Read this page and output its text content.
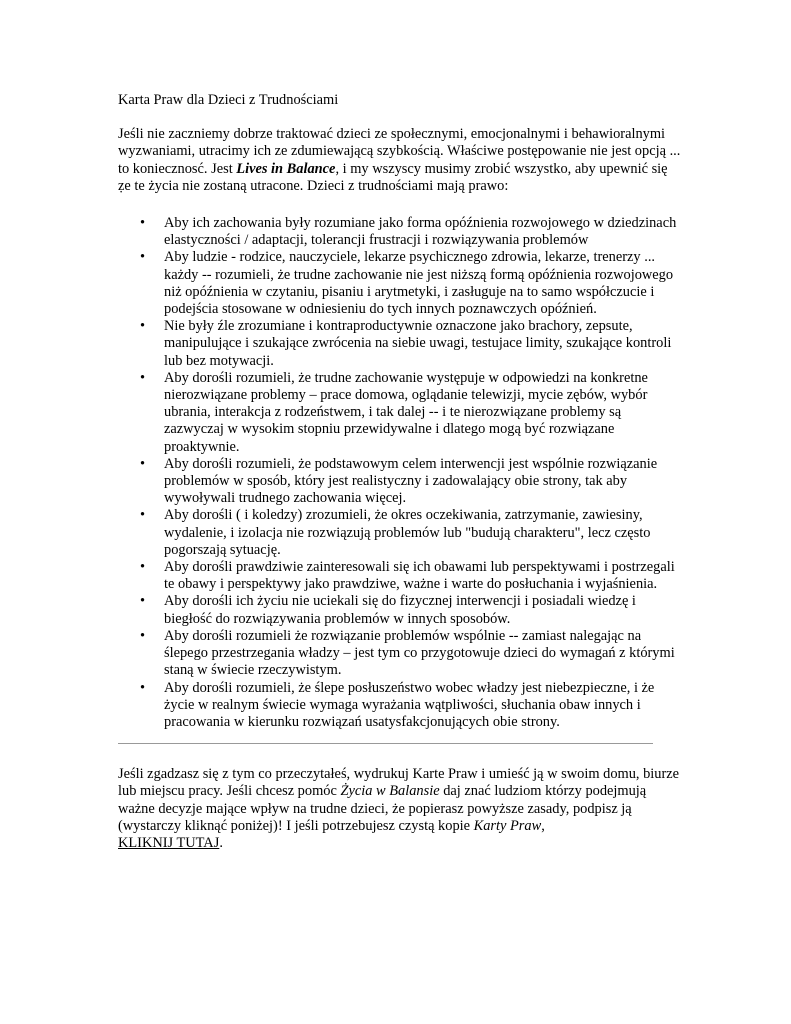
Karta Praw dla Dzieci z Trudnościami

Jeśli nie zaczniemy dobrze traktować dzieci ze społecznymi, emocjonalnymi i behawioralnymi wyzwaniami, utracimy ich ze zdumiewającą szybkością. Właściwe postępowanie nie jest opcją ... to koniecznosć. Jest Lives in Balance, i my wszyscy musimy zrobić wszystko, aby upewnić się ẓe te życia nie zostaną utracone. Dzieci z trudnościami mają prawo:

• Aby ich zachowania były rozumiane jako forma opóźnienia rozwojowego w dziedzinach elastyczności / adaptacji, tolerancji frustracji i rozwiązywania problemów
• Aby ludzie - rodzice, nauczyciele, lekarze psychicznego zdrowia, lekarze, trenerzy ... każdy -- rozumieli, że trudne zachowanie nie jest niższą formą opóźnienia rozwojowego niż opóźnienia w czytaniu, pisaniu i arytmetyki, i zasługuje na to samo współczucie i podejścia stosowane w odniesieniu do tych innych poznawczych opóźnień.
• Nie były źle zrozumiane i kontraproductywnie oznaczone jako brachory, zepsute, manipulujące i szukające zwrócenia na siebie uwagi, testujace limity, szukające kontroli lub bez motywacji.
• Aby dorośli rozumieli, że trudne zachowanie występuje w odpowiedzi na konkretne nierozwiązane problemy – prace domowa, oglądanie telewizji, mycie zębów, wybór ubrania, interakcja z rodzeństwem, i tak dalej -- i te nierozwiązane problemy są zazwyczaj w wysokim stopniu przewidywalne i dlatego mogą być rozwiązane proaktywnie.
• Aby dorośli rozumieli, że podstawowym celem interwencji jest wspólnie rozwiązanie problemów w sposób, który jest realistyczny i zadowalający obie strony, tak aby wywoływali trudnego zachowania więcej.
• Aby dorośli ( i koledzy) zrozumieli, że okres oczekiwania, zatrzymanie, zawiesiny, wydalenie, i izolacja nie rozwiązują problemów lub "budują charakteru", lecz często pogorszają sytuację.
• Aby dorośli prawdziwie zainteresowali się ich obawami lub perspektywami i postrzegali te obawy i perspektywy jako prawdziwe, ważne i warte do posłuchania i wyjaśnienia.
• Aby dorośli ich życiu nie uciekali się do fizycznej interwencji i posiadali wiedzę i biegłość do rozwiązywania problemów w innych sposobów.
• Aby dorośli rozumieli że rozwiązanie problemów wspólnie -- zamiast nalegając na ślepego przestrzegania władzy – jest tym co przygotowuje dzieci do wymagań z którymi staną w świecie rzeczywistym.
• Aby dorośli rozumieli, że ślepe posłuszeństwo wobec władzy jest niebezpieczne, i że życie w realnym świecie wymaga wyrażania wątpliwości, słuchania obaw innych i pracowania w kierunku rozwiązań usatysfakcjonujących obie strony.

Jeśli zgadzasz się z tym co przeczytałeś, wydrukuj Karte Praw i umieść ją w swoim domu, biurze lub miejscu pracy. Jeśli chcesz pomóc Życia w Balansie daj znać ludziom którzy podejmują ważne decyzje mające wpływ na trudne dzieci, że popierasz powyższe zasady, podpisz ją (wystarczy kliknąć poniżej)! I jeśli potrzebujesz czystą kopie Karty Praw,
KLIKNIJ TUTAJ.
